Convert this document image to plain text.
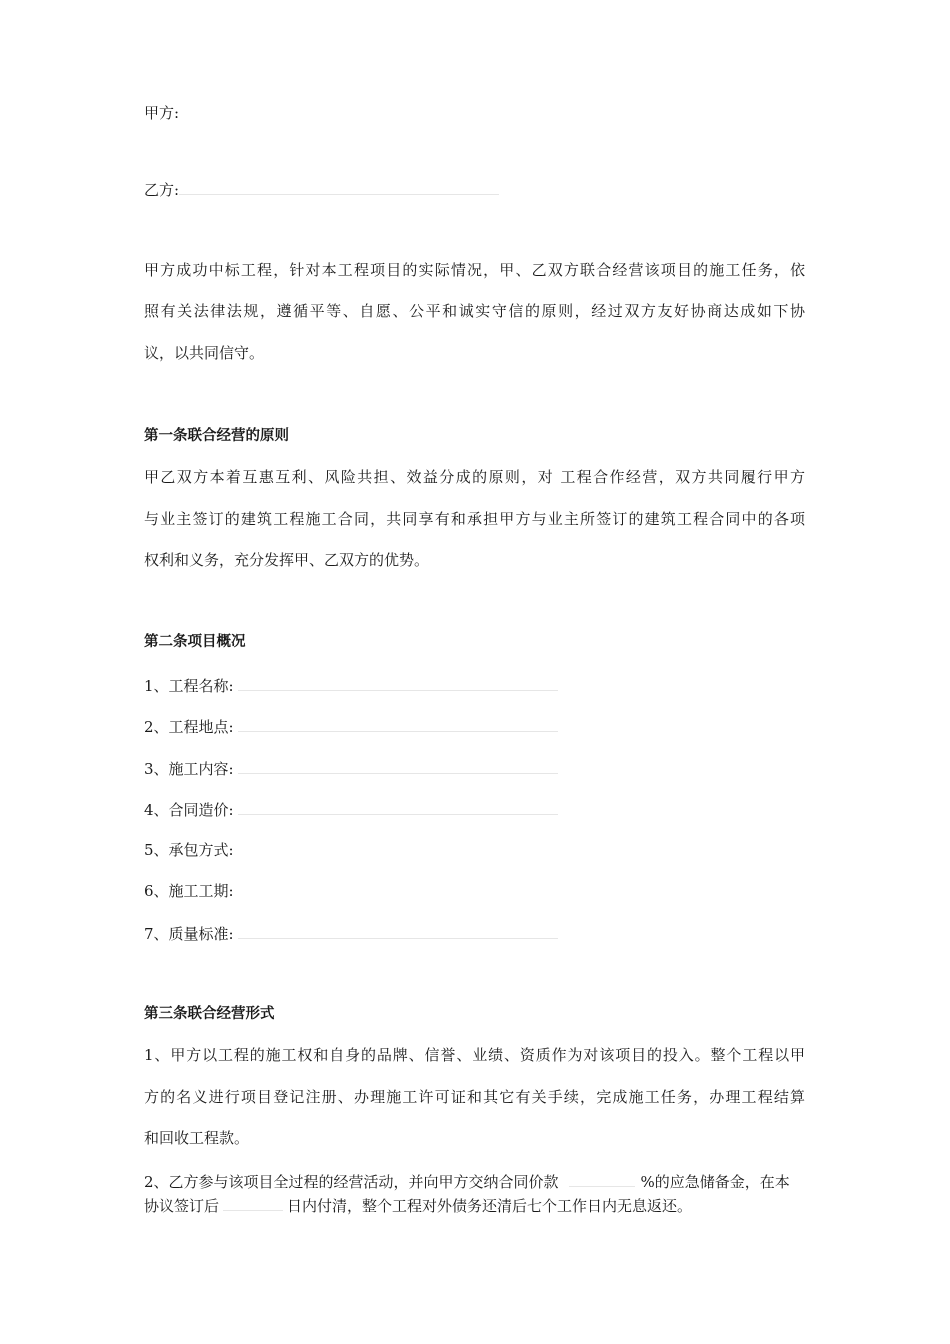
甲方:
乙方:
甲方成功中标工程，针对本工程项目的实际情况，甲、乙双方联合经营该项目的施工任务，依
照有关法律法规，遵循平等、自愿、公平和诚实守信的原则，经过双方友好协商达成如下协
议，以共同信守。
第一条联合经营的原则
甲乙双方本着互惠互利、风险共担、效益分成的原则，对 工程合作经营，双方共同履行甲方
与业主签订的建筑工程施工合同，共同享有和承担甲方与业主所签订的建筑工程合同中的各项
权利和义务，充分发挥甲、乙双方的优势。
第二条项目概况
1、工程名称:
2、工程地点:
3、施工内容:
4、合同造价:
5、承包方式:
6、施工工期:
7、质量标准:
第三条联合经营形式
1、甲方以工程的施工权和自身的品牌、信誉、业绩、资质作为对该项目的投入。整个工程以甲
方的名义进行项目登记注册、办理施工许可证和其它有关手续，完成施工任务，办理工程结算
和回收工程款。
2、乙方参与该项目全过程的经营活动，并向甲方交纳合同价款	%的应急储备金，在本
协议签订后	日内付清，整个工程对外债务还清后七个工作日内无息返还。
